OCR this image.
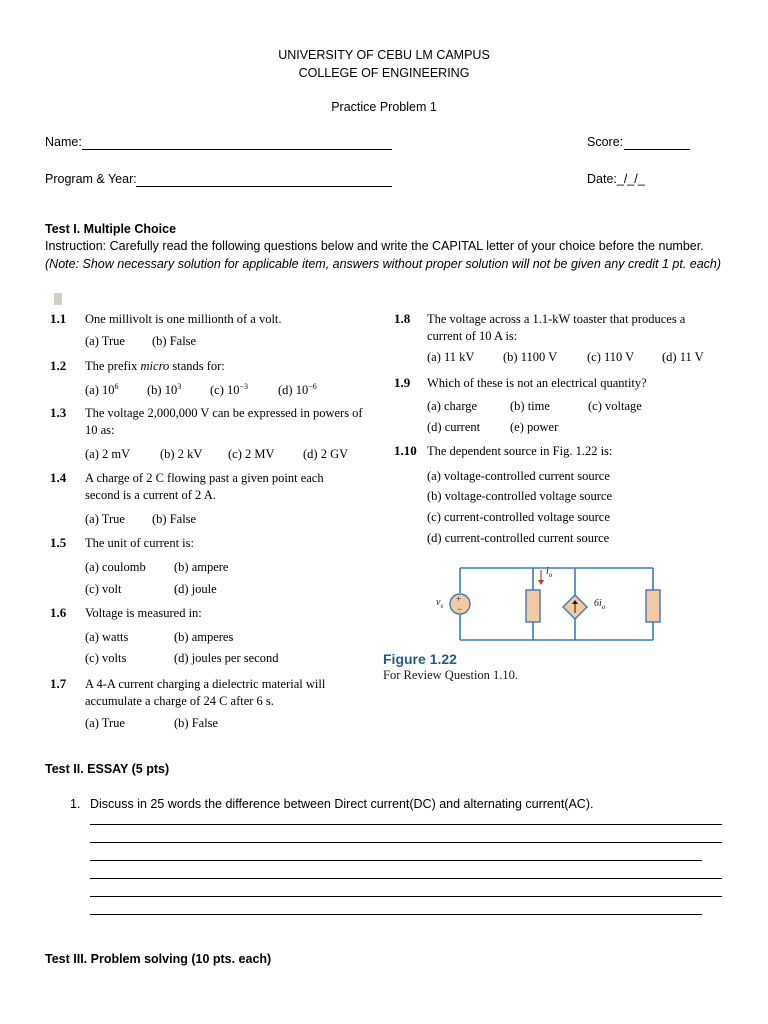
UNIVERSITY OF CEBU LM CAMPUS
COLLEGE OF ENGINEERING
Practice Problem 1
Name:	Score:
Program & Year:	Date:_/_/_
Test I. Multiple Choice
Instruction: Carefully read the following questions below and write the CAPITAL letter of your choice before the number.
(Note: Show necessary solution for applicable item, answers without proper solution will not be given any credit 1 pt. each)
1.1 One millivolt is one millionth of a volt.
(a) True (b) False
1.2 The prefix micro stands for:
(a) $10^6$ (b) $10^3$ (c) $10^{-3}$ (d) $10^{-6}$
1.3 The voltage 2,000,000 V can be expressed in powers of 10 as:
(a) 2 mV (b) 2 kV (c) 2 MV (d) 2 GV
1.4 A charge of 2 C flowing past a given point each second is a current of 2 A.
(a) True (b) False
1.5 The unit of current is:
(a) coulomb (b) ampere
(c) volt	(d) joule
1.6 Voltage is measured in:
(a) watts	(b) amperes
(c) volts	(d) joules per second
1.7 A 4-A current charging a dielectric material will accumulate a charge of 24 C after 6 s.
(a) True	(b) False
1.8 The voltage across a 1.1-kW toaster that produces a current of 10 A is:
(a) 11 kV (b) 1100 V (c) 110 V (d) 11 V
1.9 Which of these is not an electrical quantity?
(a) charge	(b) time	(c) voltage
(d) current (e) power
1.10 The dependent source in Fig. 1.22 is:
(a) voltage-controlled current source
(b) voltage-controlled voltage source
(c) current-controlled voltage source
(d) current-controlled current source
+
−
$v_s$
$i_o$
$6i_o$
Figure 1.22
For Review Question 1.10.
Test II. ESSAY (5 pts)
1. Discuss in 25 words the difference between Direct current(DC) and alternating current(AC).
Test III. Problem solving (10 pts. each)
